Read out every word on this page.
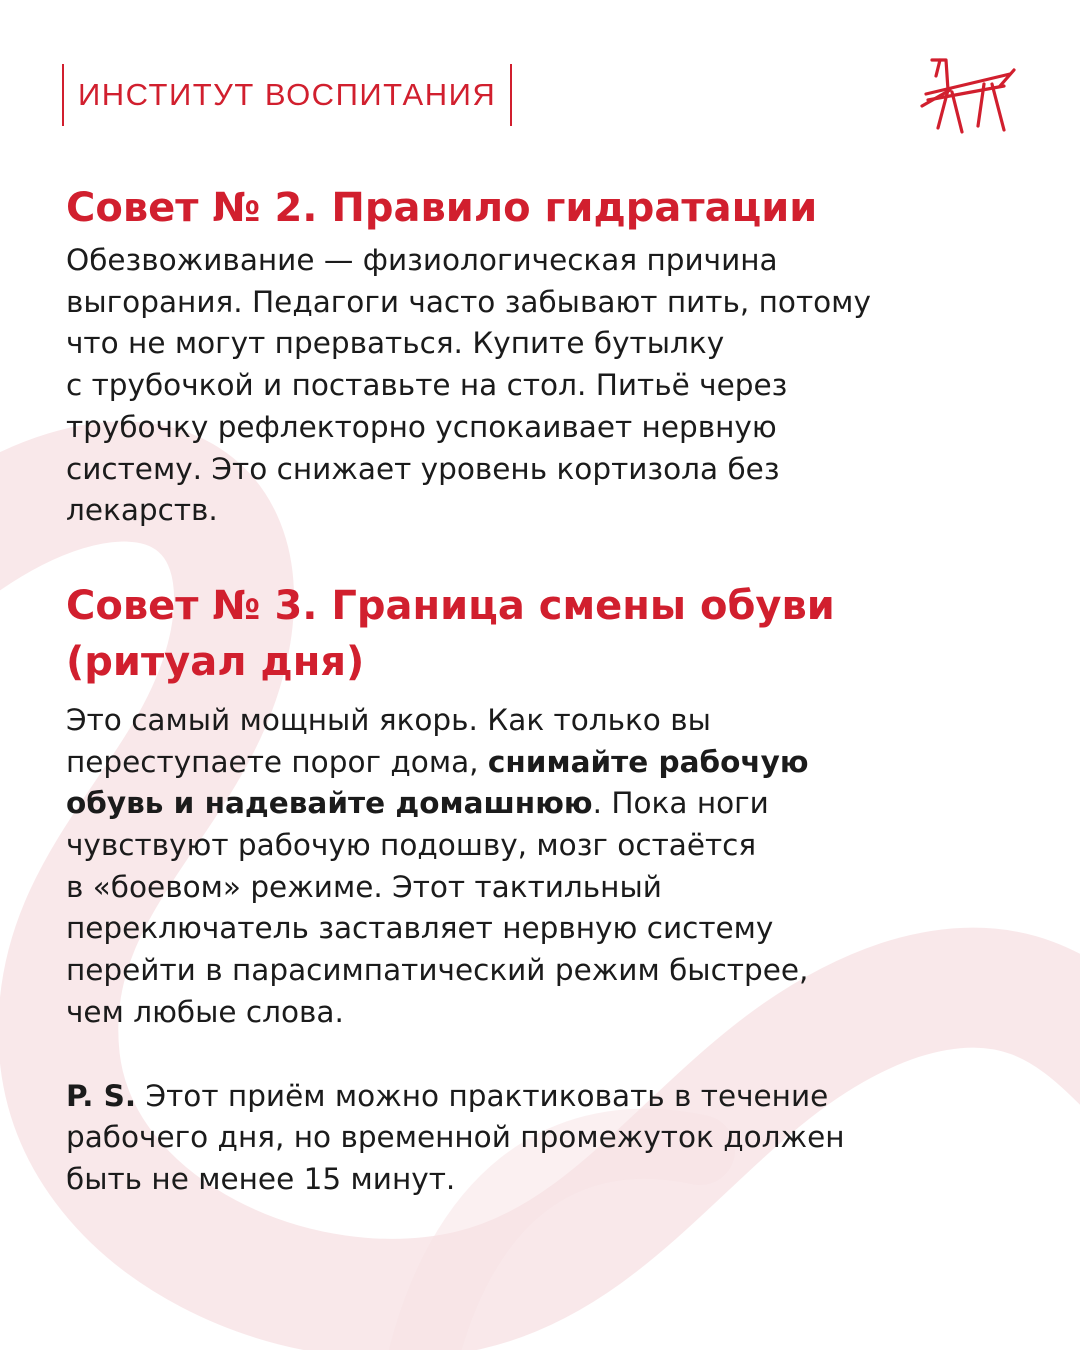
ИНСТИТУТ ВОСПИТАНИЯ
Совет № 2. Правило гидратации

Обезвоживание — физиологическая причина
выгорания. Педагоги часто забывают пить, потому
что не могут прерваться. Купите бутылку
с трубочкой и поставьте на стол. Питьё через
трубочку рефлекторно успокаивает нервную
систему. Это снижает уровень кортизола без
лекарств.

Совет № 3. Граница смены обуви
(ритуал дня)

Это самый мощный якорь. Как только вы
переступаете порог дома, снимайте рабочую
обувь и надевайте домашнюю. Пока ноги
чувствуют рабочую подошву, мозг остаётся
в «боевом» режиме. Этот тактильный
переключатель заставляет нервную систему
перейти в парасимпатический режим быстрее,
чем любые слова.

P. S. Этот приём можно практиковать в течение
рабочего дня, но временной промежуток должен
быть не менее 15 минут.
